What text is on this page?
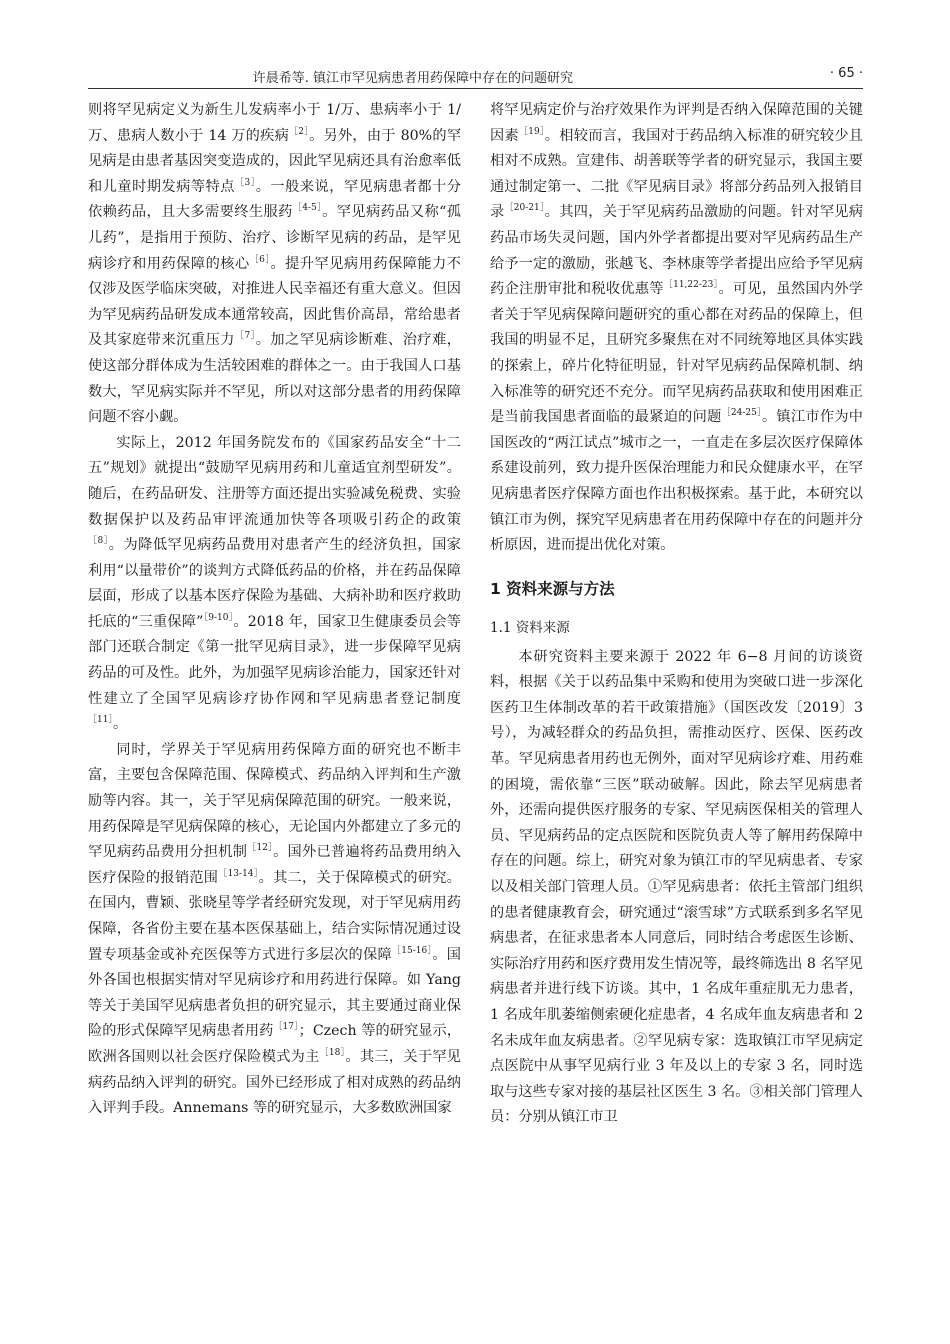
许晨希等. 镇江市罕见病患者用药保障中存在的问题研究	· 65 ·

则将罕见病定义为新生儿发病率小于 1/万、患病率小于 1/万、患病人数小于 14 万的疾病$^{[2]}$。另外，由于 80%的罕见病是由患者基因突变造成的，因此罕见病还具有治愈率低和儿童时期发病等特点$^{[3]}$。一般来说，罕见病患者都十分依赖药品，且大多需要终生服药$^{[4-5]}$。罕见病药品又称“孤儿药”，是指用于预防、治疗、诊断罕见病的药品，是罕见病诊疗和用药保障的核心$^{[6]}$。提升罕见病用药保障能力不仅涉及医学临床突破，对推进人民幸福还有重大意义。但因为罕见病药品研发成本通常较高，因此售价高昂，常给患者及其家庭带来沉重压力$^{[7]}$。加之罕见病诊断难、治疗难，使这部分群体成为生活较困难的群体之一。由于我国人口基数大，罕见病实际并不罕见，所以对这部分患者的用药保障问题不容小觑。

实际上，2012 年国务院发布的《国家药品安全“十二五”规划》就提出“鼓励罕见病用药和儿童适宜剂型研发”。随后，在药品研发、注册等方面还提出实验减免税费、实验数据保护以及药品审评流通加快等各项吸引药企的政策$^{[8]}$。为降低罕见病药品费用对患者产生的经济负担，国家利用“以量带价”的谈判方式降低药品的价格，并在药品保障层面，形成了以基本医疗保险为基础、大病补助和医疗救助托底的“三重保障”$^{[9-10]}$。2018 年，国家卫生健康委员会等部门还联合制定《第一批罕见病目录》，进一步保障罕见病药品的可及性。此外，为加强罕见病诊治能力，国家还针对性建立了全国罕见病诊疗协作网和罕见病患者登记制度$^{[11]}$。

同时，学界关于罕见病用药保障方面的研究也不断丰富，主要包含保障范围、保障模式、药品纳入评判和生产激励等内容。其一，关于罕见病保障范围的研究。一般来说，用药保障是罕见病保障的核心，无论国内外都建立了多元的罕见病药品费用分担机制$^{[12]}$。国外已普遍将药品费用纳入医疗保险的报销范围$^{[13-14]}$。其二，关于保障模式的研究。在国内，曹颖、张晓星等学者经研究发现，对于罕见病用药保障，各省份主要在基本医保基础上，结合实际情况通过设置专项基金或补充医保等方式进行多层次的保障$^{[15-16]}$。国外各国也根据实情对罕见病诊疗和用药进行保障。如 Yang 等关于美国罕见病患者负担的研究显示，其主要通过商业保险的形式保障罕见病患者用药$^{[17]}$；Czech 等的研究显示，欧洲各国则以社会医疗保险模式为主$^{[18]}$。其三，关于罕见病药品纳入评判的研究。国外已经形成了相对成熟的药品纳入评判手段。Annemans 等的研究显示，大多数欧洲国家

将罕见病定价与治疗效果作为评判是否纳入保障范围的关键因素$^{[19]}$。相较而言，我国对于药品纳入标准的研究较少且相对不成熟。宣建伟、胡善联等学者的研究显示，我国主要通过制定第一、二批《罕见病目录》将部分药品列入报销目录$^{[20-21]}$。其四，关于罕见病药品激励的问题。针对罕见病药品市场失灵问题，国内外学者都提出要对罕见病药品生产给予一定的激励，张越飞、李林康等学者提出应给予罕见病药企注册审批和税收优惠等$^{[11,22-23]}$。可见，虽然国内外学者关于罕见病保障问题研究的重心都在对药品的保障上，但我国的明显不足，且研究多聚焦在对不同统筹地区具体实践的探索上，碎片化特征明显，针对罕见病药品保障机制、纳入标准等的研究还不充分。而罕见病药品获取和使用困难正是当前我国患者面临的最紧迫的问题$^{[24-25]}$。镇江市作为中国医改的“两江试点”城市之一，一直走在多层次医疗保障体系建设前列，致力提升医保治理能力和民众健康水平，在罕见病患者医疗保障方面也作出积极探索。基于此，本研究以镇江市为例，探究罕见病患者在用药保障中存在的问题并分析原因，进而提出优化对策。

1 资料来源与方法
1.1 资料来源

本研究资料主要来源于 2022 年 6−8 月间的访谈资料，根据《关于以药品集中采购和使用为突破口进一步深化医药卫生体制改革的若干政策措施》（国医改发〔2019〕3 号），为减轻群众的药品负担，需推动医疗、医保、医药改革。罕见病患者用药也无例外，面对罕见病诊疗难、用药难的困境，需依靠“三医”联动破解。因此，除去罕见病患者外，还需向提供医疗服务的专家、罕见病医保相关的管理人员、罕见病药品的定点医院和医院负责人等了解用药保障中存在的问题。综上，研究对象为镇江市的罕见病患者、专家以及相关部门管理人员。①罕见病患者：依托主管部门组织的患者健康教育会，研究通过“滚雪球”方式联系到多名罕见病患者，在征求患者本人同意后，同时结合考虑医生诊断、实际治疗用药和医疗费用发生情况等，最终筛选出 8 名罕见病患者并进行线下访谈。其中，1 名成年重症肌无力患者，1 名成年肌萎缩侧索硬化症患者，4 名成年血友病患者和 2 名未成年血友病患者。②罕见病专家：选取镇江市罕见病定点医院中从事罕见病行业 3 年及以上的专家 3 名，同时选取与这些专家对接的基层社区医生 3 名。③相关部门管理人员：分别从镇江市卫
